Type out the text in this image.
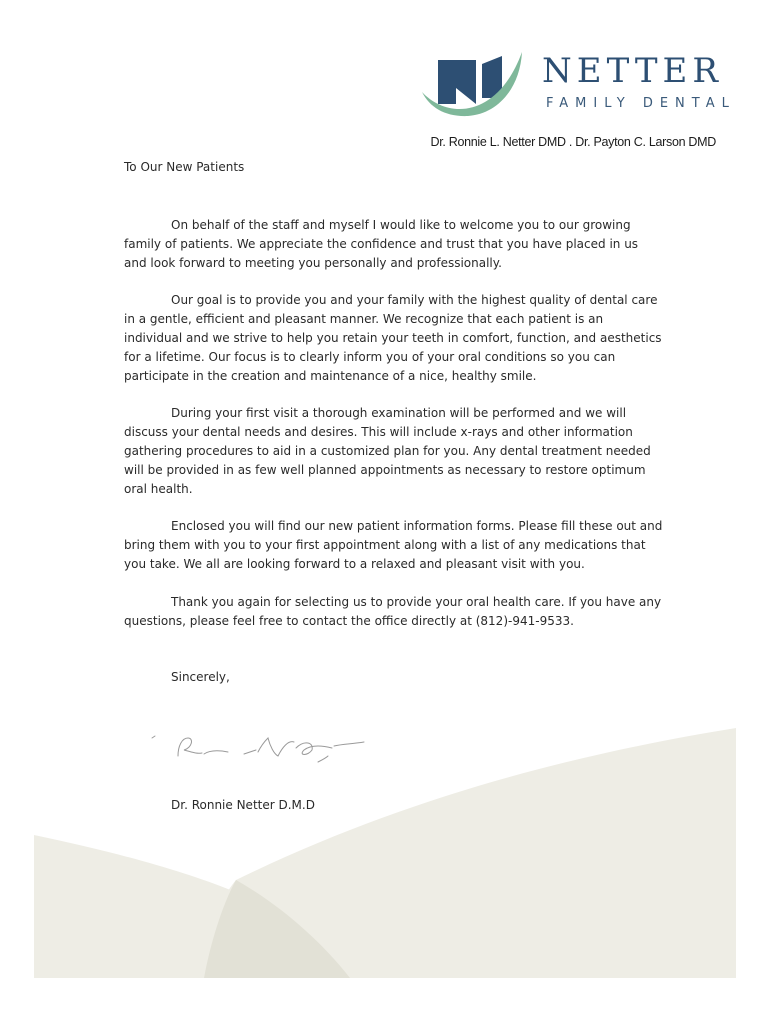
NETTER
FAMILY DENTAL
Dr. Ronnie L. Netter DMD . Dr. Payton C. Larson DMD
To Our New Patients

On behalf of the staff and myself I would like to welcome you to our growing family of patients. We appreciate the confidence and trust that you have placed in us and look forward to meeting you personally and professionally.

Our goal is to provide you and your family with the highest quality of dental care in a gentle, efficient and pleasant manner. We recognize that each patient is an individual and we strive to help you retain your teeth in comfort, function, and aesthetics for a lifetime. Our focus is to clearly inform you of your oral conditions so you can participate in the creation and maintenance of a nice, healthy smile.

During your first visit a thorough examination will be performed and we will discuss your dental needs and desires. This will include x-rays and other information gathering procedures to aid in a customized plan for you. Any dental treatment needed will be provided in as few well planned appointments as necessary to restore optimum oral health.

Enclosed you will find our new patient information forms. Please fill these out and bring them with you to your first appointment along with a list of any medications that you take. We all are looking forward to a relaxed and pleasant visit with you.

Thank you again for selecting us to provide your oral health care. If you have any questions, please feel free to contact the office directly at (812)-941-9533.

Sincerely,
Dr. Ronnie Netter D.M.D
